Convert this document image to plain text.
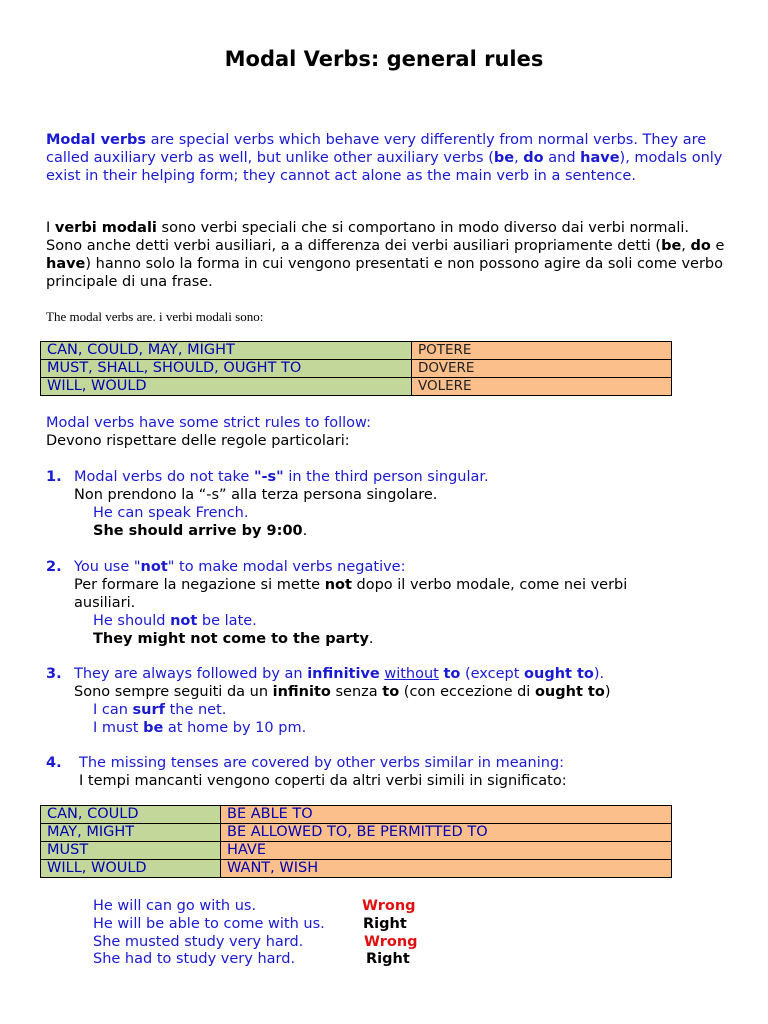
Modal Verbs: general rules

Modal verbs are special verbs which behave very differently from normal verbs. They are called auxiliary verb as well, but unlike other auxiliary verbs (be, do and have), modals only exist in their helping form; they cannot act alone as the main verb in a sentence.

I verbi modali sono verbi speciali che si comportano in modo diverso dai verbi normali. Sono anche detti verbi ausiliari, a a differenza dei verbi ausiliari propriamente detti (be, do e have) hanno solo la forma in cui vengono presentati e non possono agire da soli come verbo principale di una frase.

The modal verbs are. i verbi modali sono:
CAN, COULD, MAY, MIGHT	POTERE
MUST, SHALL, SHOULD, OUGHT TO	DOVERE
WILL, WOULD	VOLERE
Modal verbs have some strict rules to follow:
Devono rispettare delle regole particolari:
1. Modal verbs do not take "-s" in the third person singular.
Non prendono la “-s” alla terza persona singolare.
He can speak French.
She should arrive by 9:00.
2. You use "not" to make modal verbs negative:
Per formare la negazione si mette not dopo il verbo modale, come nei verbi
ausiliari.
He should not be late.
They might not come to the party.
3. They are always followed by an infinitive without to (except ought to).
Sono sempre seguiti da un infinito senza to (con eccezione di ought to)
I can surf the net.
I must be at home by 10 pm.
4. The missing tenses are covered by other verbs similar in meaning:
I tempi mancanti vengono coperti da altri verbi simili in significato:
CAN, COULD	BE ABLE TO
MAY, MIGHT	BE ALLOWED TO, BE PERMITTED TO
MUST	HAVE
WILL, WOULD	WANT, WISH
He will can go with us.	Wrong
He will be able to come with us.	Right
She musted study very hard.	Wrong
She had to study very hard.	Right
